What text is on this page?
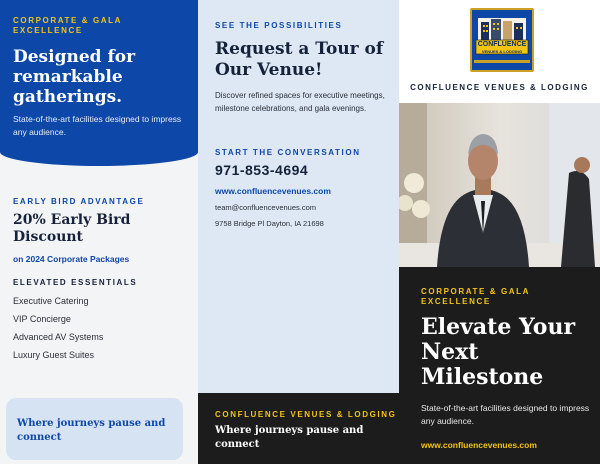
CORPORATE & GALA EXCELLENCE
Designed for remarkable gatherings.

State-of-the-art facilities designed to impress any audience.

EARLY BIRD ADVANTAGE
20% Early Bird Discount
on 2024 Corporate Packages
ELEVATED ESSENTIALS
Executive Catering
VIP Concierge
Advanced AV Systems
Luxury Guest Suites
Where journeys pause and connect
SEE THE POSSIBILITIES
Request a Tour of Our Venue!

Discover refined spaces for executive meetings, milestone celebrations, and gala evenings.

START THE CONVERSATION
971-853-4694
www.confluencevenues.com
team@confluencevenues.com
9758 Bridge Pl Dayton, IA 21698
CONFLUENCE VENUES & LODGING
Where journeys pause and connect
CONFLUENCE
VENUES & LODGING
CONFLUENCE VENUES & LODGING
CORPORATE & GALA EXCELLENCE
Elevate Your Next Milestone

State-of-the-art facilities designed to impress any audience.

www.confluencevenues.com
